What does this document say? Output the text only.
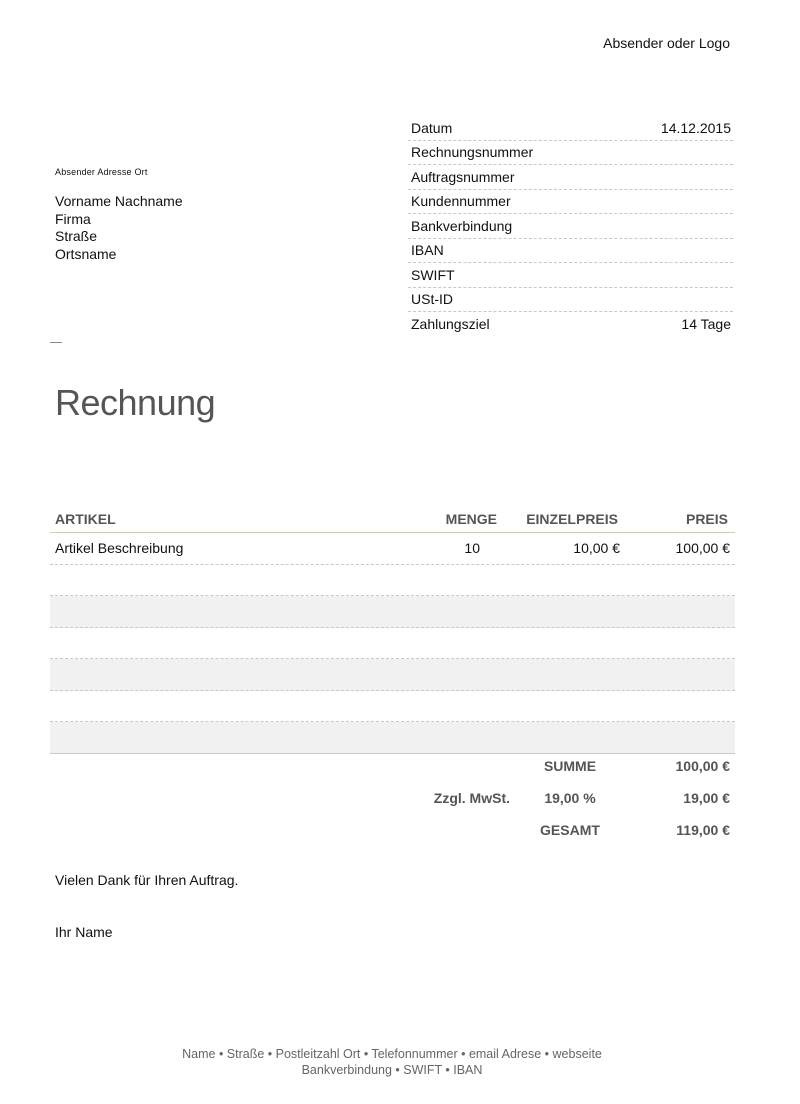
Absender oder Logo
Absender Adresse Ort
Vorname Nachname
Firma
Straße
Ortsname
Datum	14.12.2015
Rechnungsnummer
Auftragsnummer
Kundennummer
Bankverbindung
IBAN
SWIFT
USt-ID
Zahlungsziel	14 Tage
Rechnung
ARTIKEL	MENGE	EINZELPREIS	PREIS
Artikel Beschreibung	10	10,00 €	100,00 €
SUMME	100,00 €
Zzgl. MwSt.	19,00 %	19,00 €
GESAMT	119,00 €
Vielen Dank für Ihren Auftrag.
Ihr Name
Name • Straße • Postleitzahl Ort • Telefonnummer • email Adrese • webseite
Bankverbindung • SWIFT • IBAN
